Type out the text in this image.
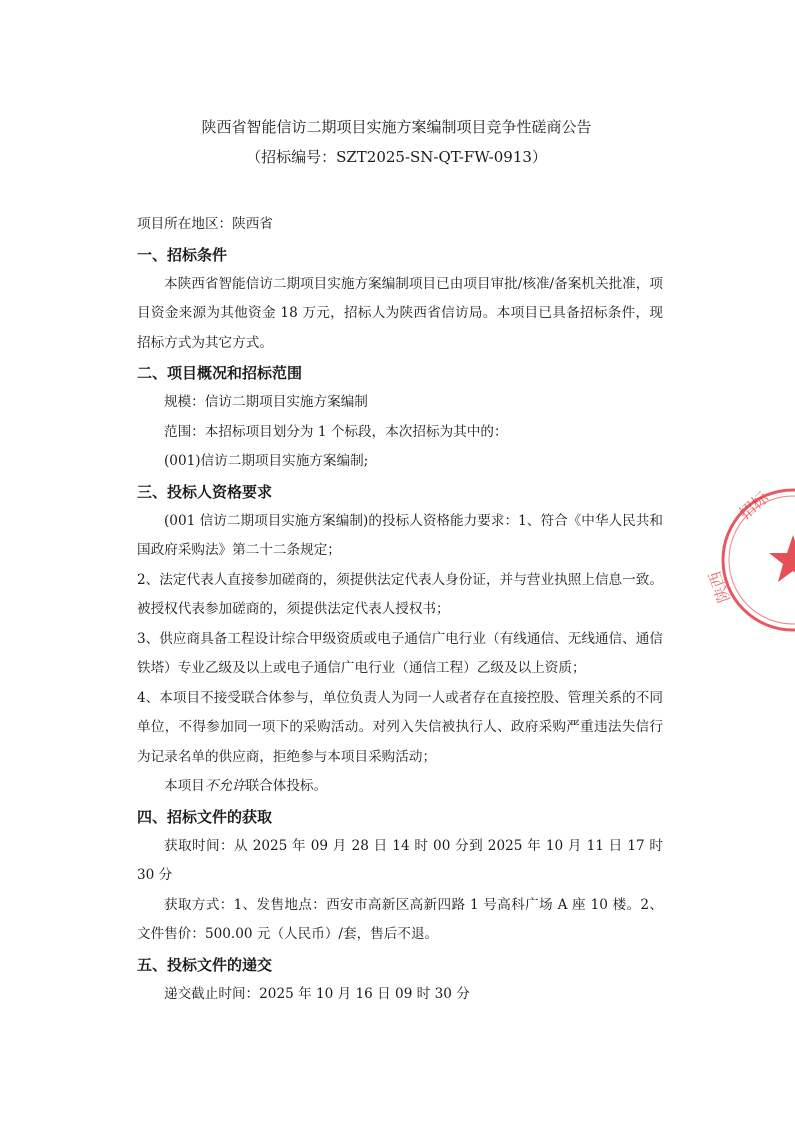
陕西省智能信访二期项目实施方案编制项目竞争性磋商公告
（招标编号：SZT2025-SN-QT-FW-0913）

项目所在地区：陕西省

一、招标条件

本陕西省智能信访二期项目实施方案编制项目已由项目审批/核准/备案机关批准，项目资金来源为其他资金 18 万元，招标人为陕西省信访局。本项目已具备招标条件，现招标方式为其它方式。

二、项目概况和招标范围

规模：信访二期项目实施方案编制

范围：本招标项目划分为 1 个标段，本次招标为其中的：

(001)信访二期项目实施方案编制;

三、投标人资格要求

(001 信访二期项目实施方案编制)的投标人资格能力要求：1、符合《中华人民共和国政府采购法》第二十二条规定；

2、法定代表人直接参加磋商的，须提供法定代表人身份证，并与营业执照上信息一致。被授权代表参加磋商的，须提供法定代表人授权书；

3、供应商具备工程设计综合甲级资质或电子通信广电行业（有线通信、无线通信、通信铁塔）专业乙级及以上或电子通信广电行业（通信工程）乙级及以上资质；

4、本项目不接受联合体参与，单位负责人为同一人或者存在直接控股、管理关系的不同单位，不得参加同一项下的采购活动。对列入失信被执行人、政府采购严重违法失信行为记录名单的供应商，拒绝参与本项目采购活动；

本项目不允许联合体投标。

四、招标文件的获取

获取时间：从 2025 年 09 月 28 日 14 时 00 分到 2025 年 10 月 11 日 17 时 30 分

获取方式：1、发售地点：西安市高新区高新四路 1 号高科广场 A 座 10 楼。2、文件售价：500.00 元（人民币）/套，售后不退。

五、投标文件的递交

递交截止时间：2025 年 10 月 16 日 09 时 30 分

招标
陕西
